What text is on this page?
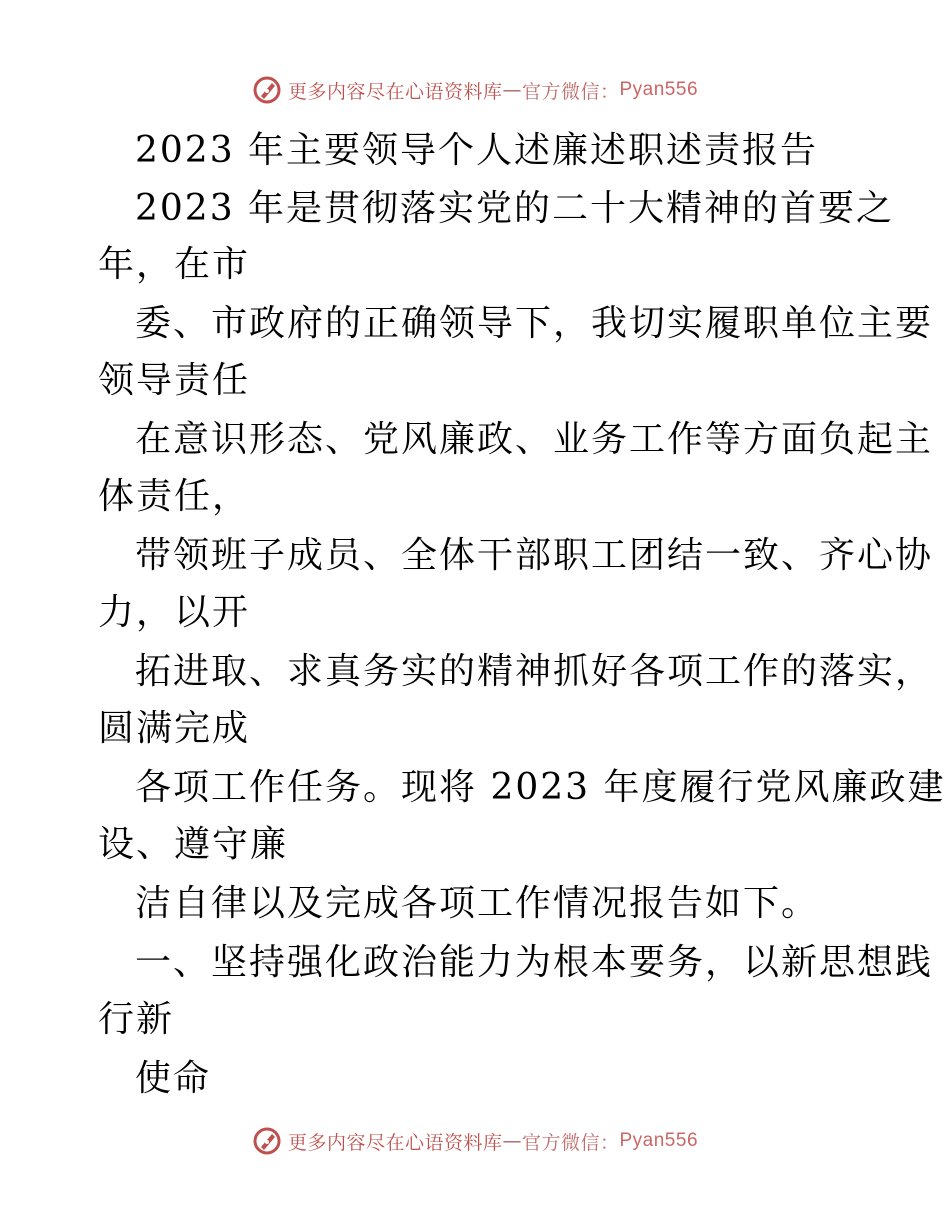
更多内容尽在心语资料库 — 官方微信： Pyan556
2023 年主要领导个人述廉述职述责报告
2023 年是贯彻落实党的二十大精神的首要之
年，在市
委、市政府的正确领导下，我切实履职单位主要
领导责任
在意识形态、党风廉政、业务工作等方面负起主
体责任，
带领班子成员、全体干部职工团结一致、齐心协
力，以开
拓进取、求真务实的精神抓好各项工作的落实，
圆满完成
各项工作任务。现将 2023 年度履行党风廉政建
设、遵守廉
洁自律以及完成各项工作情况报告如下。
一、坚持强化政治能力为根本要务，以新思想践
行新
使命
更多内容尽在心语资料库 — 官方微信： Pyan556
